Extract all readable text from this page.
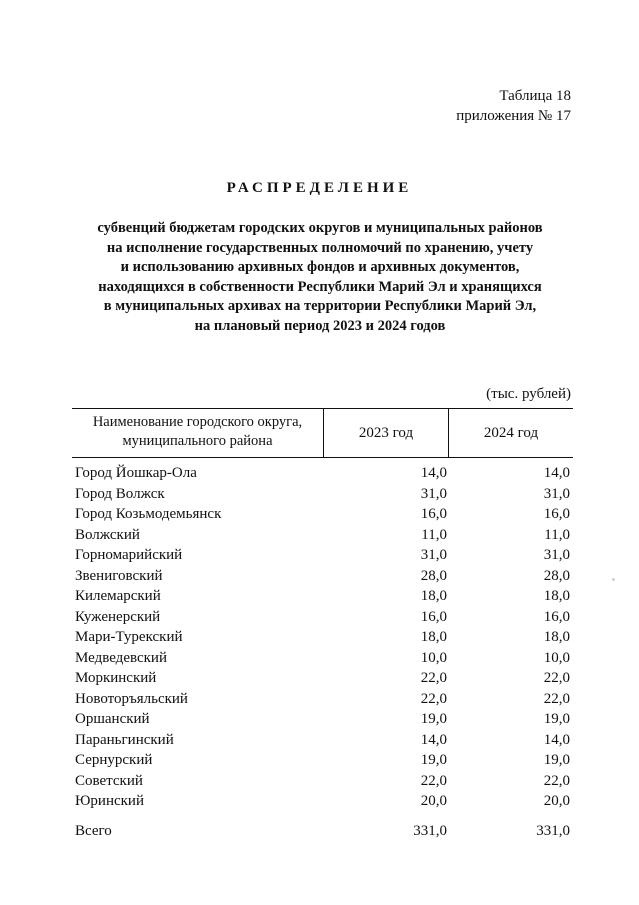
Таблица 18
приложения № 17
РАСПРЕДЕЛЕНИЕ
субвенций бюджетам городских округов и муниципальных районов
на исполнение государственных полномочий по хранению, учету
и использованию архивных фондов и архивных документов,
находящихся в собственности Республики Марий Эл и хранящихся
в муниципальных архивах на территории Республики Марий Эл,
на плановый период 2023 и 2024 годов
(тыс. рублей)
Наименование городского округа,
муниципального района	2023 год	2024 год
Город Йошкар-Ола	14,0	14,0
Город Волжск	31,0	31,0
Город Козьмодемьянск	16,0	16,0
Волжский	11,0	11,0
Горномарийский	31,0	31,0
Звениговский	28,0	28,0
Килемарский	18,0	18,0
Куженерский	16,0	16,0
Мари-Турекский	18,0	18,0
Медведевский	10,0	10,0
Моркинский	22,0	22,0
Новоторъяльский	22,0	22,0
Оршанский	19,0	19,0
Параньгинский	14,0	14,0
Сернурский	19,0	19,0
Советский	22,0	22,0
Юринский	20,0	20,0
Всего	331,0	331,0
